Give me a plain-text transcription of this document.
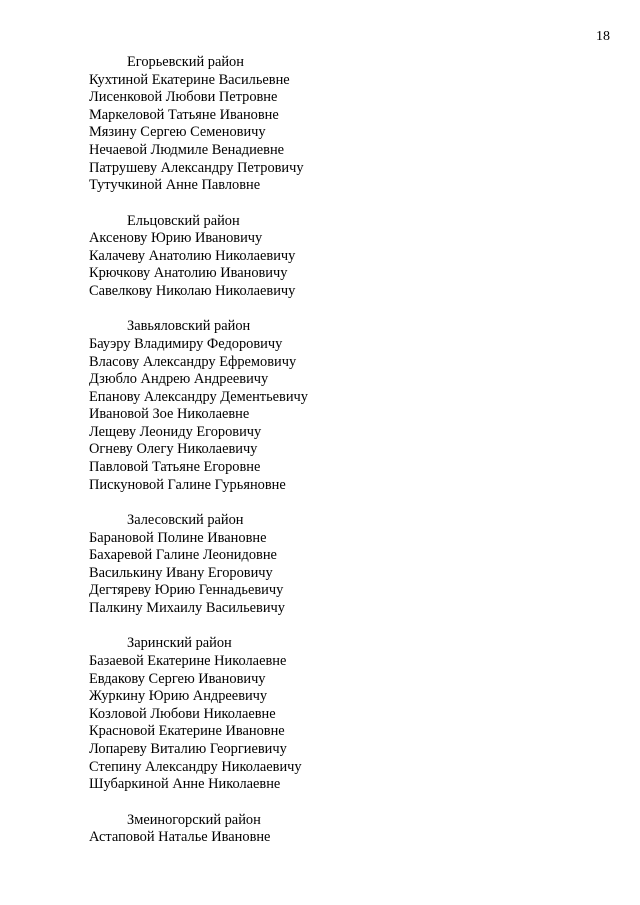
18

Егорьевский район

Кухтиной Екатерине Васильевне
Лисенковой Любови Петровне
Маркеловой Татьяне Ивановне
Мязину Сергею Семеновичу
Нечаевой Людмиле Венадиевне
Патрушеву Александру Петровичу
Тутучкиной Анне Павловне

Ельцовский район

Аксенову Юрию Ивановичу
Калачеву Анатолию Николаевичу
Крючкову Анатолию Ивановичу
Савелкову Николаю Николаевичу

Завьяловский район

Бауэру Владимиру Федоровичу
Власову Александру Ефремовичу
Дзюбло Андрею Андреевичу
Епанову Александру Дементьевичу
Ивановой Зое Николаевне
Лещеву Леониду Егоровичу
Огневу Олегу Николаевичу
Павловой Татьяне Егоровне
Пискуновой Галине Гурьяновне

Залесовский район

Барановой Полине Ивановне
Бахаревой Галине Леонидовне
Василькину Ивану Егоровичу
Дегтяреву Юрию Геннадьевичу
Палкину Михаилу Васильевичу

Заринский район

Базаевой Екатерине Николаевне
Евдакову Сергею Ивановичу
Журкину Юрию Андреевичу
Козловой Любови Николаевне
Красновой Екатерине Ивановне
Лопареву Виталию Георгиевичу
Степину Александру Николаевичу
Шубаркиной Анне Николаевне

Змеиногорский район

Астаповой Наталье Ивановне
